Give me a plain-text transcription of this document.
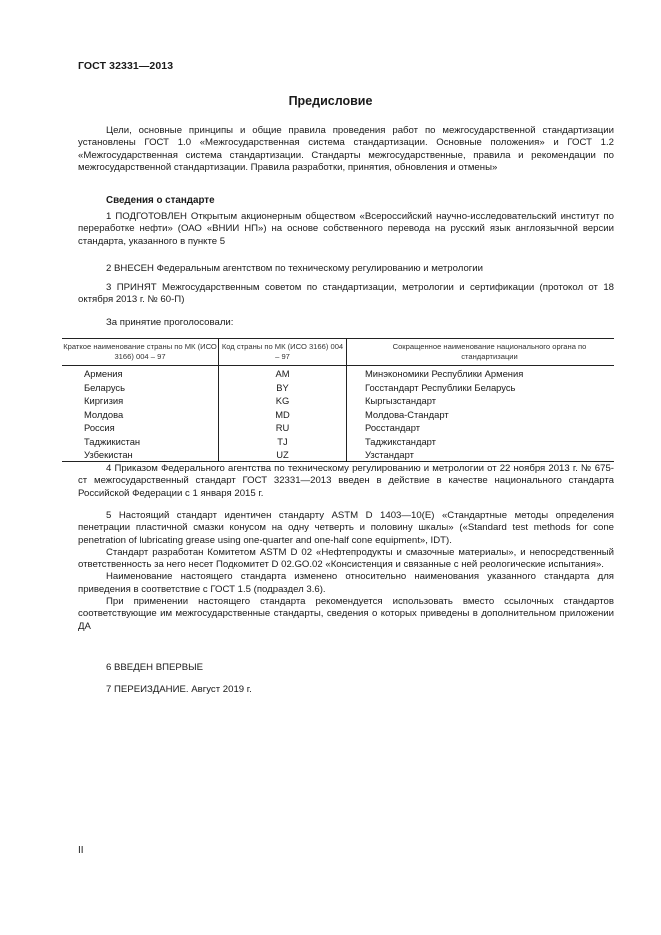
ГОСТ 32331—2013
Предисловие

Цели, основные принципы и общие правила проведения работ по межгосударственной стандартизации установлены ГОСТ 1.0 «Межгосударственная система стандартизации. Основные положения» и ГОСТ 1.2 «Межгосударственная система стандартизации. Стандарты межгосударственные, правила и рекомендации по межгосударственной стандартизации. Правила разработки, принятия, обновления и отмены»

Сведения о стандарте

1 ПОДГОТОВЛЕН Открытым акционерным обществом «Всероссийский научно-исследовательский институт по переработке нефти» (ОАО «ВНИИ НП») на основе собственного перевода на русский язык англоязычной версии стандарта, указанного в пункте 5

2 ВНЕСЕН Федеральным агентством по техническому регулированию и метрологии

3 ПРИНЯТ Межгосударственным советом по стандартизации, метрологии и сертификации (протокол от 18 октября 2013 г. № 60-П)

За принятие проголосовали:
Краткое наименование страны по МК (ИСО 3166) 004 – 97	Код страны по МК (ИСО 3166) 004 – 97	Сокращенное наименование национального органа по стандартизации

Армения	AM	Минэкономики Республики Армения

Беларусь	BY	Госстандарт Республики Беларусь

Киргизия	KG	Кыргызстандарт

Молдова	MD	Молдова-Стандарт

Россия	RU	Росстандарт

Таджикистан	TJ	Таджикстандарт

Узбекистан	UZ	Узстандарт

4 Приказом Федерального агентства по техническому регулированию и метрологии от 22 ноября 2013 г. № 675-ст межгосударственный стандарт ГОСТ 32331—2013 введен в действие в качестве национального стандарта Российской Федерации с 1 января 2015 г.

5 Настоящий стандарт идентичен стандарту ASTM D 1403—10(E) «Стандартные методы определения пенетрации пластичной смазки конусом на одну четверть и половину шкалы» («Standard test methods for cone penetration of lubricating grease using one-quarter and one-half cone equipment», IDT).

Стандарт разработан Комитетом ASTM D 02 «Нефтепродукты и смазочные материалы», и непосредственный ответственность за него несет Подкомитет D 02.GO.02 «Консистенция и связанные с ней реологические испытания».

Наименование настоящего стандарта изменено относительно наименования указанного стандарта для приведения в соответствие с ГОСТ 1.5 (подраздел 3.6).

При применении настоящего стандарта рекомендуется использовать вместо ссылочных стандартов соответствующие им межгосударственные стандарты, сведения о которых приведены в дополнительном приложении ДА

6 ВВЕДЕН ВПЕРВЫЕ
7 ПЕРЕИЗДАНИЕ. Август 2019 г.
II
